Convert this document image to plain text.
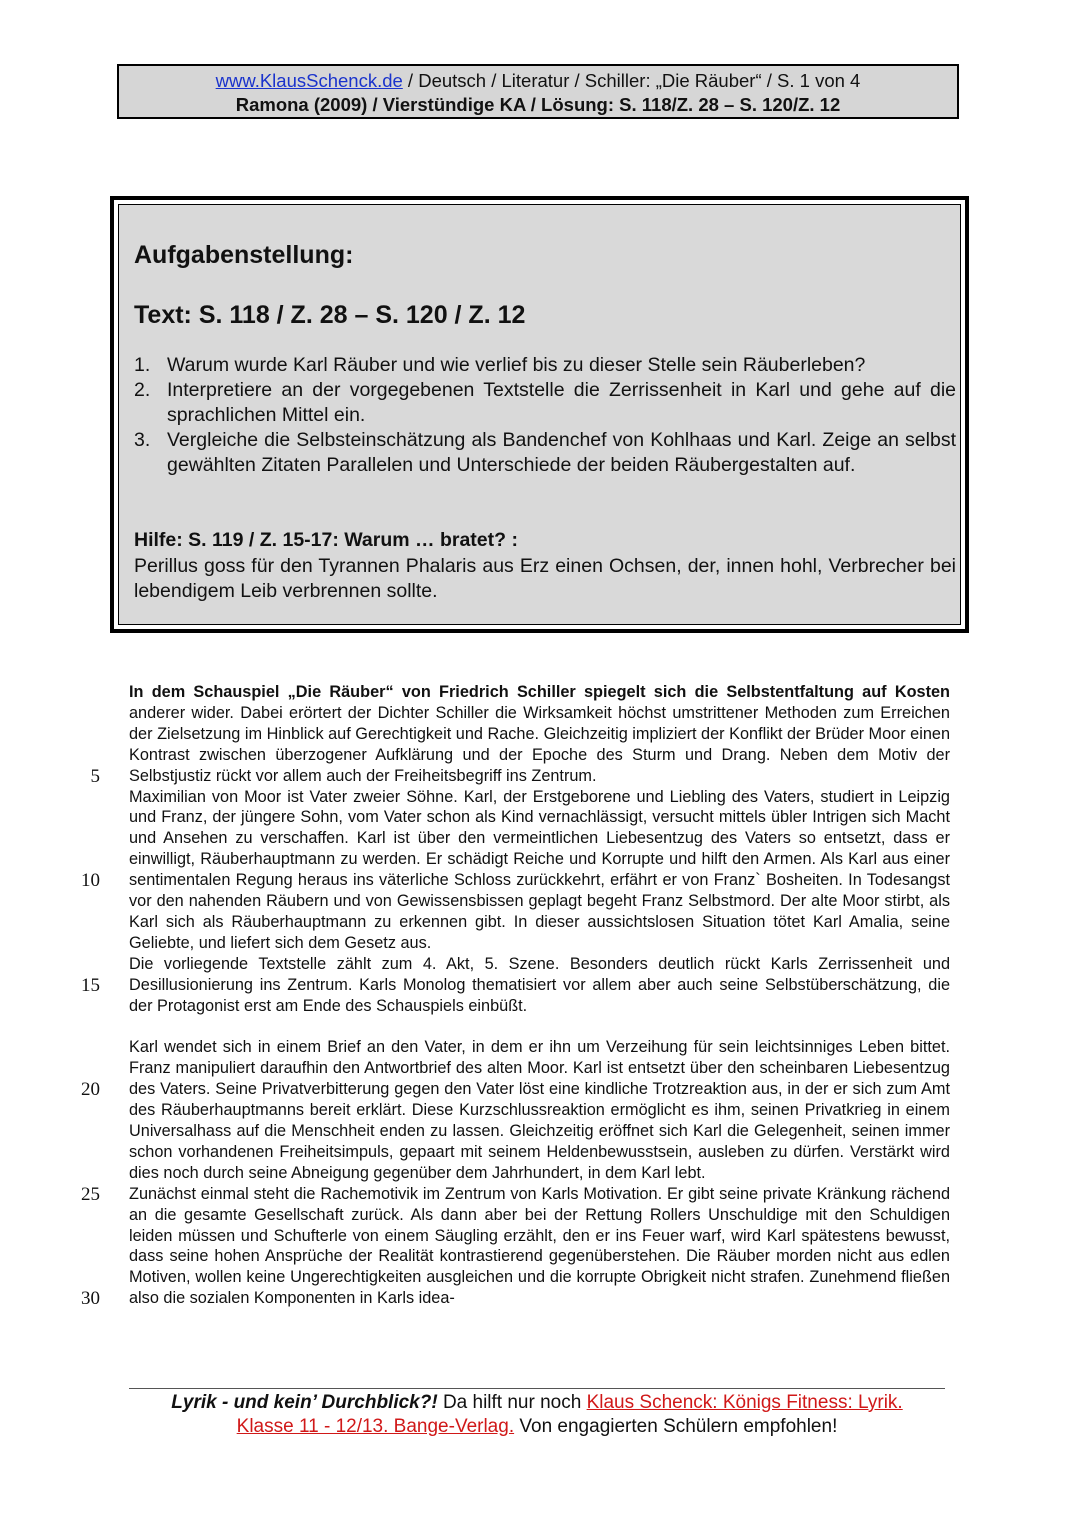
www.KlausSchenck.de / Deutsch / Literatur / Schiller: „Die Räuber“ / S. 1 von 4
Ramona (2009) / Vierstündige KA / Lösung: S. 118/Z. 28 – S. 120/Z. 12
Aufgabenstellung:
Text: S. 118 / Z. 28 – S. 120 / Z. 12
1. Warum wurde Karl Räuber und wie verlief bis zu dieser Stelle sein Räuberleben?
2. Interpretiere an der vorgegebenen Textstelle die Zerrissenheit in Karl und gehe auf die sprachlichen Mittel ein.
3. Vergleiche die Selbsteinschätzung als Bandenchef von Kohlhaas und Karl. Zeige an selbst gewählten Zitaten Parallelen und Unterschiede der beiden Räubergestalten auf.
Hilfe: S. 119 / Z. 15-17: Warum … bratet? :
Perillus goss für den Tyrannen Phalaris aus Erz einen Ochsen, der, innen hohl, Verbrecher bei lebendigem Leib verbrennen sollte.
5
10
15
20
25
30

In dem Schauspiel „Die Räuber“ von Friedrich Schiller spiegelt sich die Selbstentfaltung auf Kosten anderer wider. Dabei erörtert der Dichter Schiller die Wirksamkeit höchst umstrittener Methoden zum Erreichen der Zielsetzung im Hinblick auf Gerechtigkeit und Rache. Gleichzeitig impliziert der Konflikt der Brüder Moor einen Kontrast zwischen überzogener Aufklärung und der Epoche des Sturm und Drang. Neben dem Motiv der Selbstjustiz rückt vor allem auch der Freiheitsbegriff ins Zentrum.

Maximilian von Moor ist Vater zweier Söhne. Karl, der Erstgeborene und Liebling des Vaters, studiert in Leipzig und Franz, der jüngere Sohn, vom Vater schon als Kind vernachlässigt, versucht mittels übler Intrigen sich Macht und Ansehen zu verschaffen. Karl ist über den vermeintlichen Liebesentzug des Vaters so entsetzt, dass er einwilligt, Räuberhauptmann zu werden. Er schädigt Reiche und Korrupte und hilft den Armen. Als Karl aus einer sentimentalen Regung heraus ins väterliche Schloss zurückkehrt, erfährt er von Franz` Bosheiten. In Todesangst vor den nahenden Räubern und von Gewissensbissen geplagt begeht Franz Selbstmord. Der alte Moor stirbt, als Karl sich als Räuberhauptmann zu erkennen gibt. In dieser aussichtslosen Situation tötet Karl Amalia, seine Geliebte, und liefert sich dem Gesetz aus.

Die vorliegende Textstelle zählt zum 4. Akt, 5. Szene. Besonders deutlich rückt Karls Zerrissenheit und Desillusionierung ins Zentrum. Karls Monolog thematisiert vor allem aber auch seine Selbstüberschätzung, die der Protagonist erst am Ende des Schauspiels einbüßt.

Karl wendet sich in einem Brief an den Vater, in dem er ihn um Verzeihung für sein leichtsinniges Leben bittet. Franz manipuliert daraufhin den Antwortbrief des alten Moor. Karl ist entsetzt über den scheinbaren Liebesentzug des Vaters. Seine Privatverbitterung gegen den Vater löst eine kindliche Trotzreaktion aus, in der er sich zum Amt des Räuberhauptmanns bereit erklärt. Diese Kurzschlussreaktion ermöglicht es ihm, seinen Privatkrieg in einem Universalhass auf die Menschheit enden zu lassen. Gleichzeitig eröffnet sich Karl die Gelegenheit, seinen immer schon vorhandenen Freiheitsimpuls, gepaart mit seinem Heldenbewusstsein, ausleben zu dürfen. Verstärkt wird dies noch durch seine Abneigung gegenüber dem Jahrhundert, in dem Karl lebt.

Zunächst einmal steht die Rachemotivik im Zentrum von Karls Motivation. Er gibt seine private Kränkung rächend an die gesamte Gesellschaft zurück. Als dann aber bei der Rettung Rollers Unschuldige mit den Schuldigen leiden müssen und Schufterle von einem Säugling erzählt, den er ins Feuer warf, wird Karl spätestens bewusst, dass seine hohen Ansprüche der Realität kontrastierend gegenüberstehen. Die Räuber morden nicht aus edlen Motiven, wollen keine Ungerechtigkeiten ausgleichen und die korrupte Obrigkeit nicht strafen. Zunehmend fließen also die sozialen Komponenten in Karls idea-

Lyrik - und kein’ Durchblick?! Da hilft nur noch Klaus Schenck: Königs Fitness: Lyrik.
Klasse 11 - 12/13. Bange-Verlag. Von engagierten Schülern empfohlen!
